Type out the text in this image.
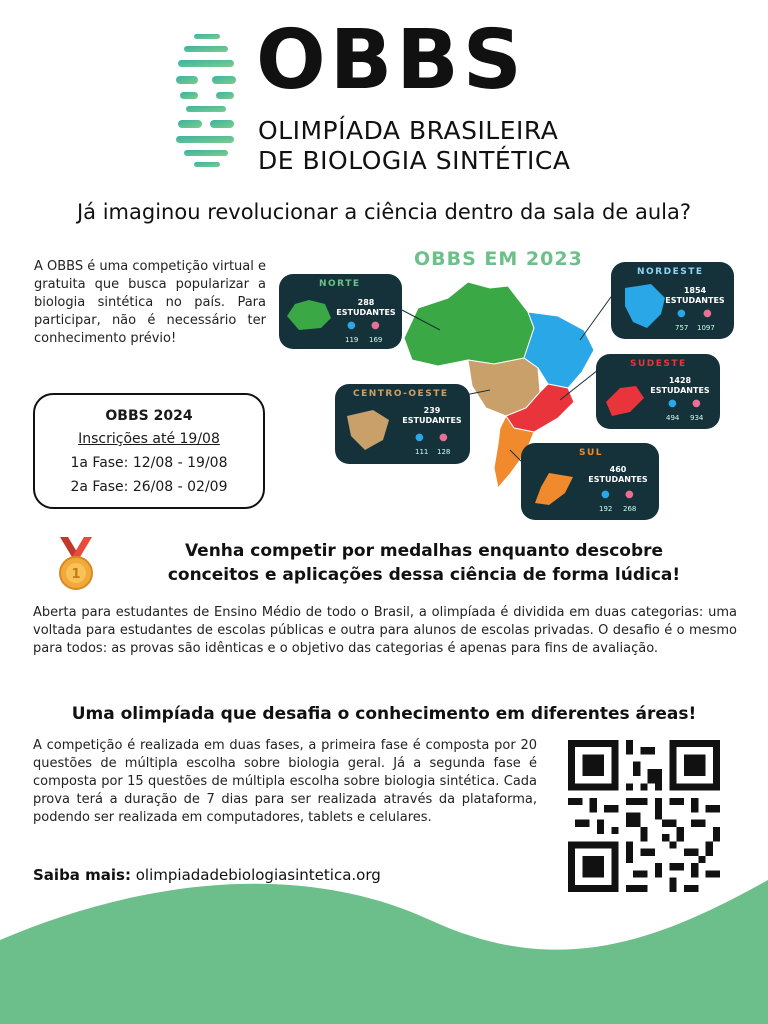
OBBS
OLIMPÍADA BRASILEIRA
DE BIOLOGIA SINTÉTICA
Já imaginou revolucionar a ciência dentro da sala de aula?
A OBBS é uma competição virtual e gratuita que busca popularizar a biologia sintética no país. Para participar, não é necessário ter conhecimento prévio!
OBBS 2024
Inscrições até 19/08
1a Fase: 12/08 - 19/08
2a Fase: 26/08 - 02/09
OBBS EM 2023
NORTE
288
ESTUDANTES
● ●
119 169
NORDESTE
1854
ESTUDANTES
● ●
757 1097
SUDESTE
1428
ESTUDANTES
● ●
494 934
CENTRO-OESTE
239
ESTUDANTES
● ●
111 128	SUL
460
ESTUDANTES
● ●
192 268
1
Venha competir por medalhas enquanto descobre
conceitos e aplicações dessa ciência de forma lúdica!
Aberta para estudantes de Ensino Médio de todo o Brasil, a olimpíada é dividida em duas categorias: uma voltada para estudantes de escolas públicas e outra para alunos de escolas privadas. O desafio é o mesmo para todos: as provas são idênticas e o objetivo das categorias é apenas para fins de avaliação.
Uma olimpíada que desafia o conhecimento em diferentes áreas!
A competição é realizada em duas fases, a primeira fase é composta por 20 questões de múltipla escolha sobre biologia geral. Já a segunda fase é composta por 15 questões de múltipla escolha sobre biologia sintética. Cada prova terá a duração de 7 dias para ser realizada através da plataforma, podendo ser realizada em computadores, tablets e celulares.
Saiba mais: olimpiadadebiologiasintetica.org
